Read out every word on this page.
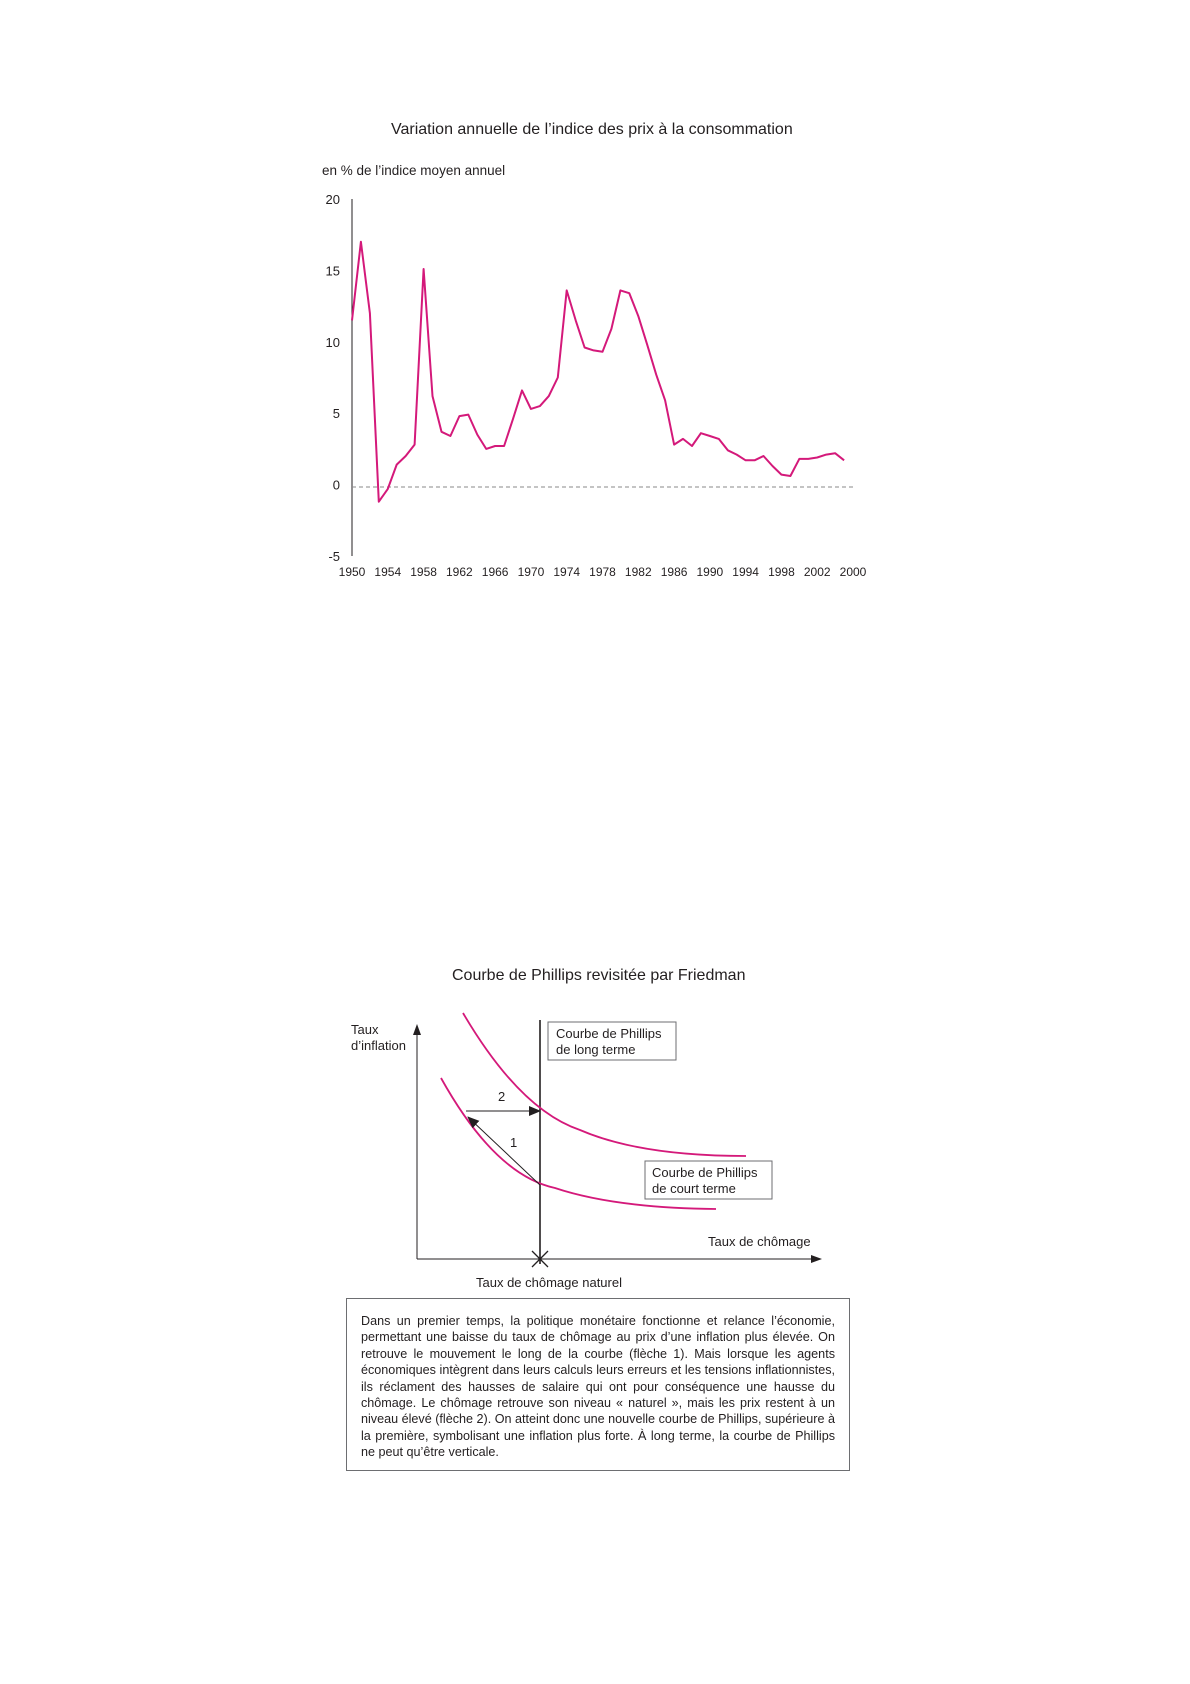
Variation annuelle de l’indice des prix à la consommation
en % de l’indice moyen annuel
20
15
10
5
0
-5
1950 1954 1958 1962 1966 1970 1974 1978 1982 1986 1990 1994 1998 2002 2000
Courbe de Phillips revisitée par Friedman
Taux de chômage
Taux
d’inflation
Taux de chômage naturel
1
2
Courbe de Phillips
de long terme
Courbe de Phillips
de court terme
Dans un premier temps, la politique monétaire fonctionne et relance l’économie, permettant une baisse du taux de chômage au prix d’une inflation plus élevée. On retrouve le mouvement le long de la courbe (flèche 1). Mais lorsque les agents économiques intègrent dans leurs calculs leurs erreurs et les tensions inflationnistes, ils réclament des hausses de salaire qui ont pour conséquence une hausse du chômage. Le chômage retrouve son niveau « naturel », mais les prix restent à un niveau élevé (flèche 2). On atteint donc une nouvelle courbe de Phillips, supérieure à la première, symbolisant une inflation plus forte. À long terme, la courbe de Phillips ne peut qu’être verticale.
